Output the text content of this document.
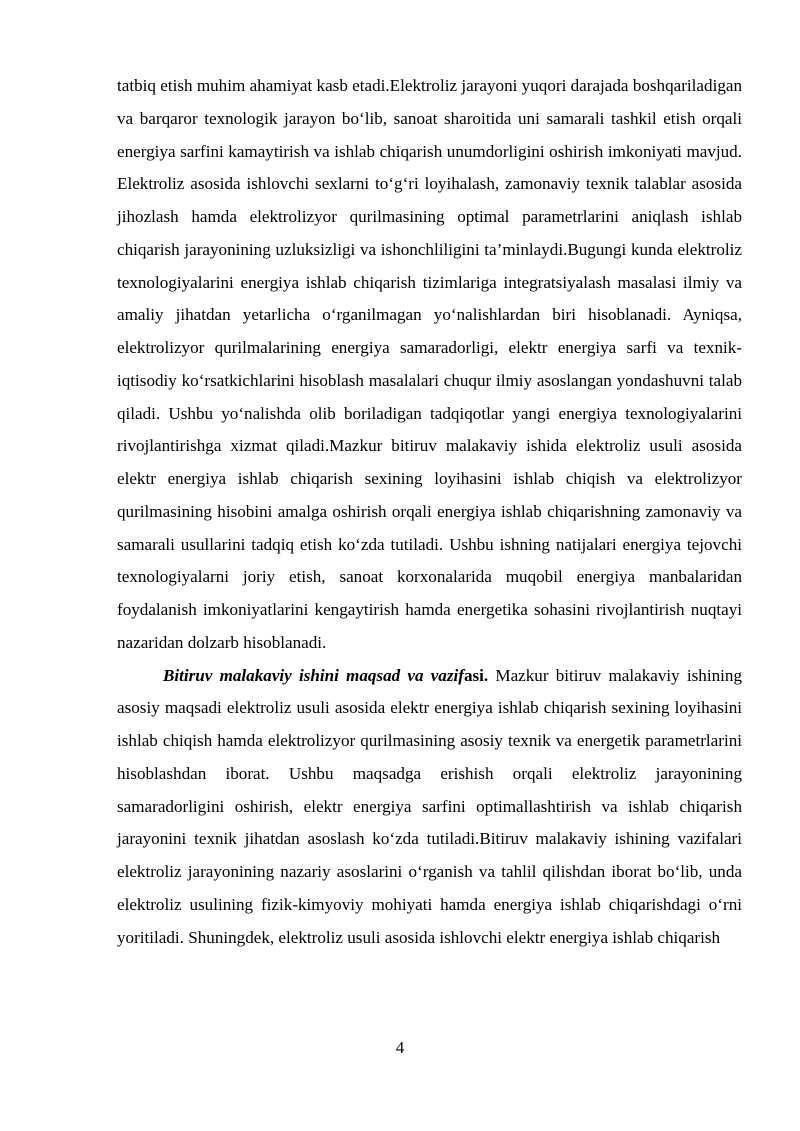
tatbiq etish muhim ahamiyat kasb etadi.Elektroliz jarayoni yuqori darajada boshqariladigan va barqaror texnologik jarayon bo‘lib, sanoat sharoitida uni samarali tashkil etish orqali energiya sarfini kamaytirish va ishlab chiqarish unumdorligini oshirish imkoniyati mavjud. Elektroliz asosida ishlovchi sexlarni to‘g‘ri loyihalash, zamonaviy texnik talablar asosida jihozlash hamda elektrolizyor qurilmasining optimal parametrlarini aniqlash ishlab chiqarish jarayonining uzluksizligi va ishonchliligini ta’minlaydi.Bugungi kunda elektroliz texnologiyalarini energiya ishlab chiqarish tizimlariga integratsiyalash masalasi ilmiy va amaliy jihatdan yetarlicha o‘rganilmagan yo‘nalishlardan biri hisoblanadi. Ayniqsa, elektrolizyor qurilmalarining energiya samaradorligi, elektr energiya sarfi va texnik-iqtisodiy ko‘rsatkichlarini hisoblash masalalari chuqur ilmiy asoslangan yondashuvni talab qiladi. Ushbu yo‘nalishda olib boriladigan tadqiqotlar yangi energiya texnologiyalarini rivojlantirishga xizmat qiladi.Mazkur bitiruv malakaviy ishida elektroliz usuli asosida elektr energiya ishlab chiqarish sexining loyihasini ishlab chiqish va elektrolizyor qurilmasining hisobini amalga oshirish orqali energiya ishlab chiqarishning zamonaviy va samarali usullarini tadqiq etish ko‘zda tutiladi. Ushbu ishning natijalari energiya tejovchi texnologiyalarni joriy etish, sanoat korxonalarida muqobil energiya manbalaridan foydalanish imkoniyatlarini kengaytirish hamda energetika sohasini rivojlantirish nuqtayi nazaridan dolzarb hisoblanadi.

Bitiruv malakaviy ishini maqsad va vazifasi. Mazkur bitiruv malakaviy ishining asosiy maqsadi elektroliz usuli asosida elektr energiya ishlab chiqarish sexining loyihasini ishlab chiqish hamda elektrolizyor qurilmasining asosiy texnik va energetik parametrlarini hisoblashdan iborat. Ushbu maqsadga erishish orqali elektroliz jarayonining samaradorligini oshirish, elektr energiya sarfini optimallashtirish va ishlab chiqarish jarayonini texnik jihatdan asoslash ko‘zda tutiladi.Bitiruv malakaviy ishining vazifalari elektroliz jarayonining nazariy asoslarini o‘rganish va tahlil qilishdan iborat bo‘lib, unda elektroliz usulining fizik-kimyoviy mohiyati hamda energiya ishlab chiqarishdagi o‘rni yoritiladi. Shuningdek, elektroliz usuli asosida ishlovchi elektr energiya ishlab chiqarish

4
